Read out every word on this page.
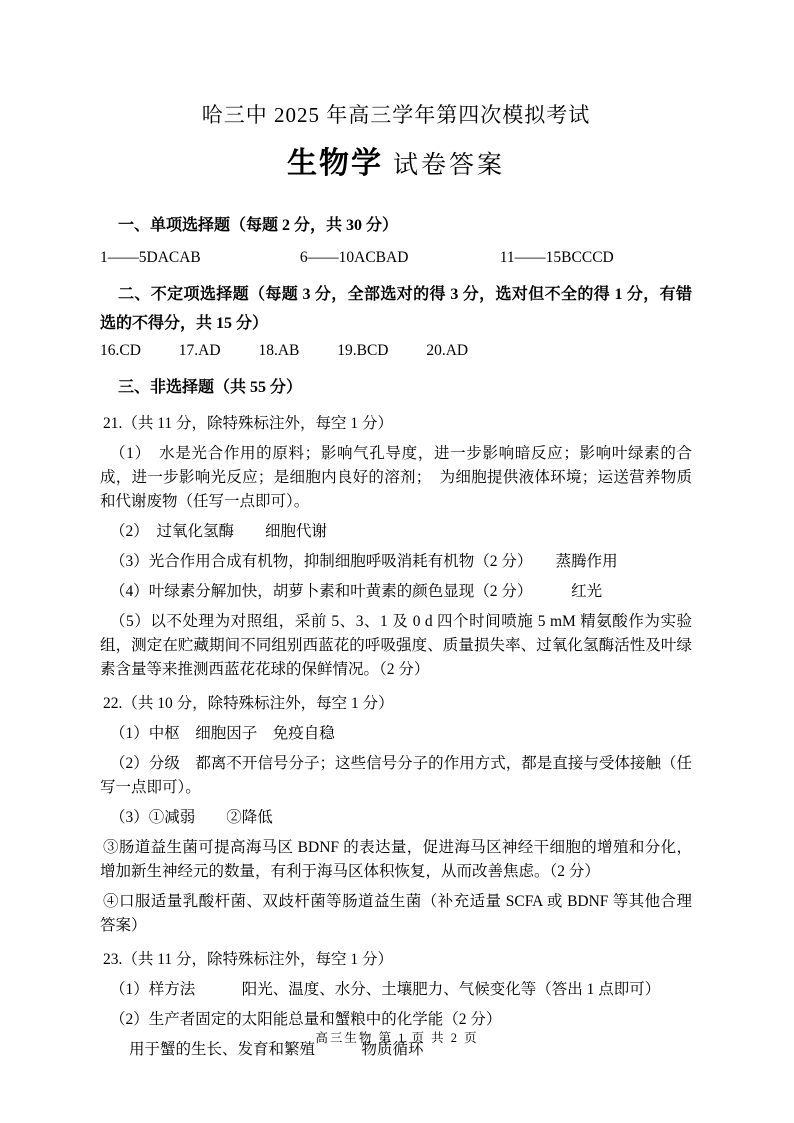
哈三中 2025 年高三学年第四次模拟考试
生物学 试卷答案

一、单项选择题（每题 2 分，共 30 分）

1——5DACAB	6——10ACBAD	11——15BCCCD

二、不定项选择题（每题 3 分，全部选对的得 3 分，选对但不全的得 1 分，有错选的不得分，共 15 分）

16.CD 17.AD 18.AB 19.BCD 20.AD

三、非选择题（共 55 分）

21.（共 11 分，除特殊标注外，每空 1 分）

（1）　水是光合作用的原料；影响气孔导度，进一步影响暗反应；影响叶绿素的合成，进一步影响光反应；是细胞内良好的溶剂；　为细胞提供液体环境；运送营养物质和代谢废物（任写一点即可）。

（2）　过氧化氢酶　　细胞代谢

（3）光合作用合成有机物，抑制细胞呼吸消耗有机物（2 分）　　蒸腾作用

（4）叶绿素分解加快，胡萝卜素和叶黄素的颜色显现（2 分）　　　红光

（5）以不处理为对照组，采前 5、3、1 及 0 d 四个时间喷施 5 mM 精氨酸作为实验组，测定在贮藏期间不同组别西蓝花的呼吸强度、质量损失率、过氧化氢酶活性及叶绿素含量等来推测西蓝花花球的保鲜情况。（2 分）

22.（共 10 分，除特殊标注外，每空 1 分）

（1）中枢　细胞因子　免疫自稳

（2）分级　都离不开信号分子；这些信号分子的作用方式，都是直接与受体接触（任写一点即可）。

（3）①减弱　　②降低

③肠道益生菌可提高海马区 BDNF 的表达量，促进海马区神经干细胞的增殖和分化，增加新生神经元的数量，有利于海马区体积恢复，从而改善焦虑。（2 分）

④口服适量乳酸杆菌、双歧杆菌等肠道益生菌（补充适量 SCFA 或 BDNF 等其他合理答案）

23.（共 11 分，除特殊标注外，每空 1 分）

（1）样方法　　　阳光、温度、水分、土壤肥力、气候变化等（答出 1 点即可）

（2）生产者固定的太阳能总量和蟹粮中的化学能（2 分）

用于蟹的生长、发育和繁殖　　　物质循环

高三生物 第 1 页 共 2 页
